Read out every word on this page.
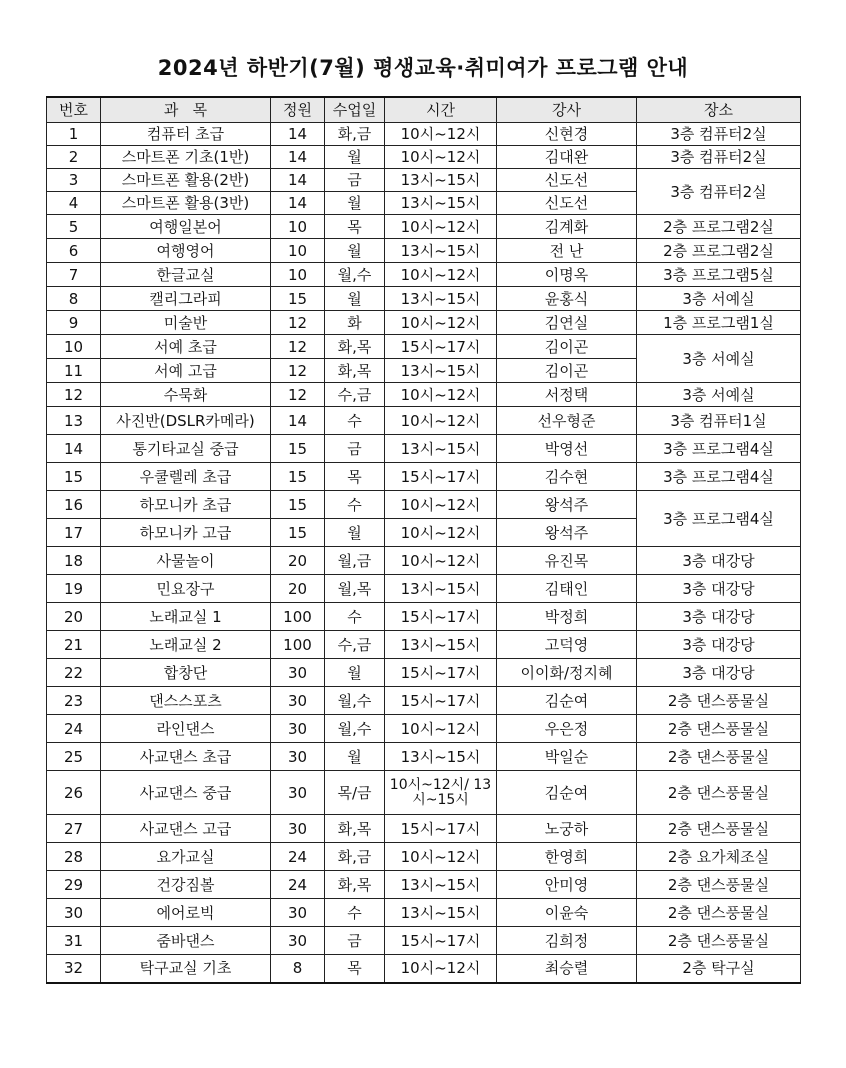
2024년 하반기(7월) 평생교육·취미여가 프로그램 안내
번호	과   목	정원	수업일	시간	강사	장소
1	컴퓨터 초급	14	화,금	10시~12시	신현경	3층 컴퓨터2실
2	스마트폰 기초(1반)	14	월	10시~12시	김대완	3층 컴퓨터2실
3	스마트폰 활용(2반)	14	금	13시~15시	신도선	3층 컴퓨터2실
4	스마트폰 활용(3반)	14	월	13시~15시	신도선	
5	여행일본어	10	목	10시~12시	김계화	2층 프로그램2실
6	여행영어	10	월	13시~15시	전 난	2층 프로그램2실
7	한글교실	10	월,수	10시~12시	이명옥	3층 프로그램5실
8	캘리그라피	15	월	13시~15시	윤홍식	3층 서예실
9	미술반	12	화	10시~12시	김연실	1층 프로그램1실
10	서예 초급	12	화,목	15시~17시	김이곤	3층 서예실
11	서예 고급	12	화,목	13시~15시	김이곤	
12	수묵화	12	수,금	10시~12시	서정택	3층 서예실
13	사진반(DSLR카메라)	14	수	10시~12시	선우형준	3층 컴퓨터1실
14	통기타교실 중급	15	금	13시~15시	박영선	3층 프로그램4실
15	우쿨렐레 초급	15	목	15시~17시	김수현	3층 프로그램4실
16	하모니카 초급	15	수	10시~12시	왕석주	3층 프로그램4실
17	하모니카 고급	15	월	10시~12시	왕석주	
18	사물놀이	20	월,금	10시~12시	유진목	3층 대강당
19	민요장구	20	월,목	13시~15시	김태인	3층 대강당
20	노래교실 1	100	수	15시~17시	박정희	3층 대강당
21	노래교실 2	100	수,금	13시~15시	고덕영	3층 대강당
22	합창단	30	월	15시~17시	이이화/정지혜	3층 대강당
23	댄스스포츠	30	월,수	15시~17시	김순여	2층 댄스풍물실
24	라인댄스	30	월,수	10시~12시	우은정	2층 댄스풍물실
25	사교댄스 초급	30	월	13시~15시	박일순	2층 댄스풍물실
26	사교댄스 중급	30	목/금	10시~12시/ 13시~15시	김순여	2층 댄스풍물실
27	사교댄스 고급	30	화,목	15시~17시	노궁하	2층 댄스풍물실
28	요가교실	24	화,금	10시~12시	한영희	2층 요가체조실
29	건강짐볼	24	화,목	13시~15시	안미영	2층 댄스풍물실
30	에어로빅	30	수	13시~15시	이윤숙	2층 댄스풍물실
31	줌바댄스	30	금	15시~17시	김희정	2층 댄스풍물실
32	탁구교실 기초	8	목	10시~12시	최승렬	2층 탁구실
